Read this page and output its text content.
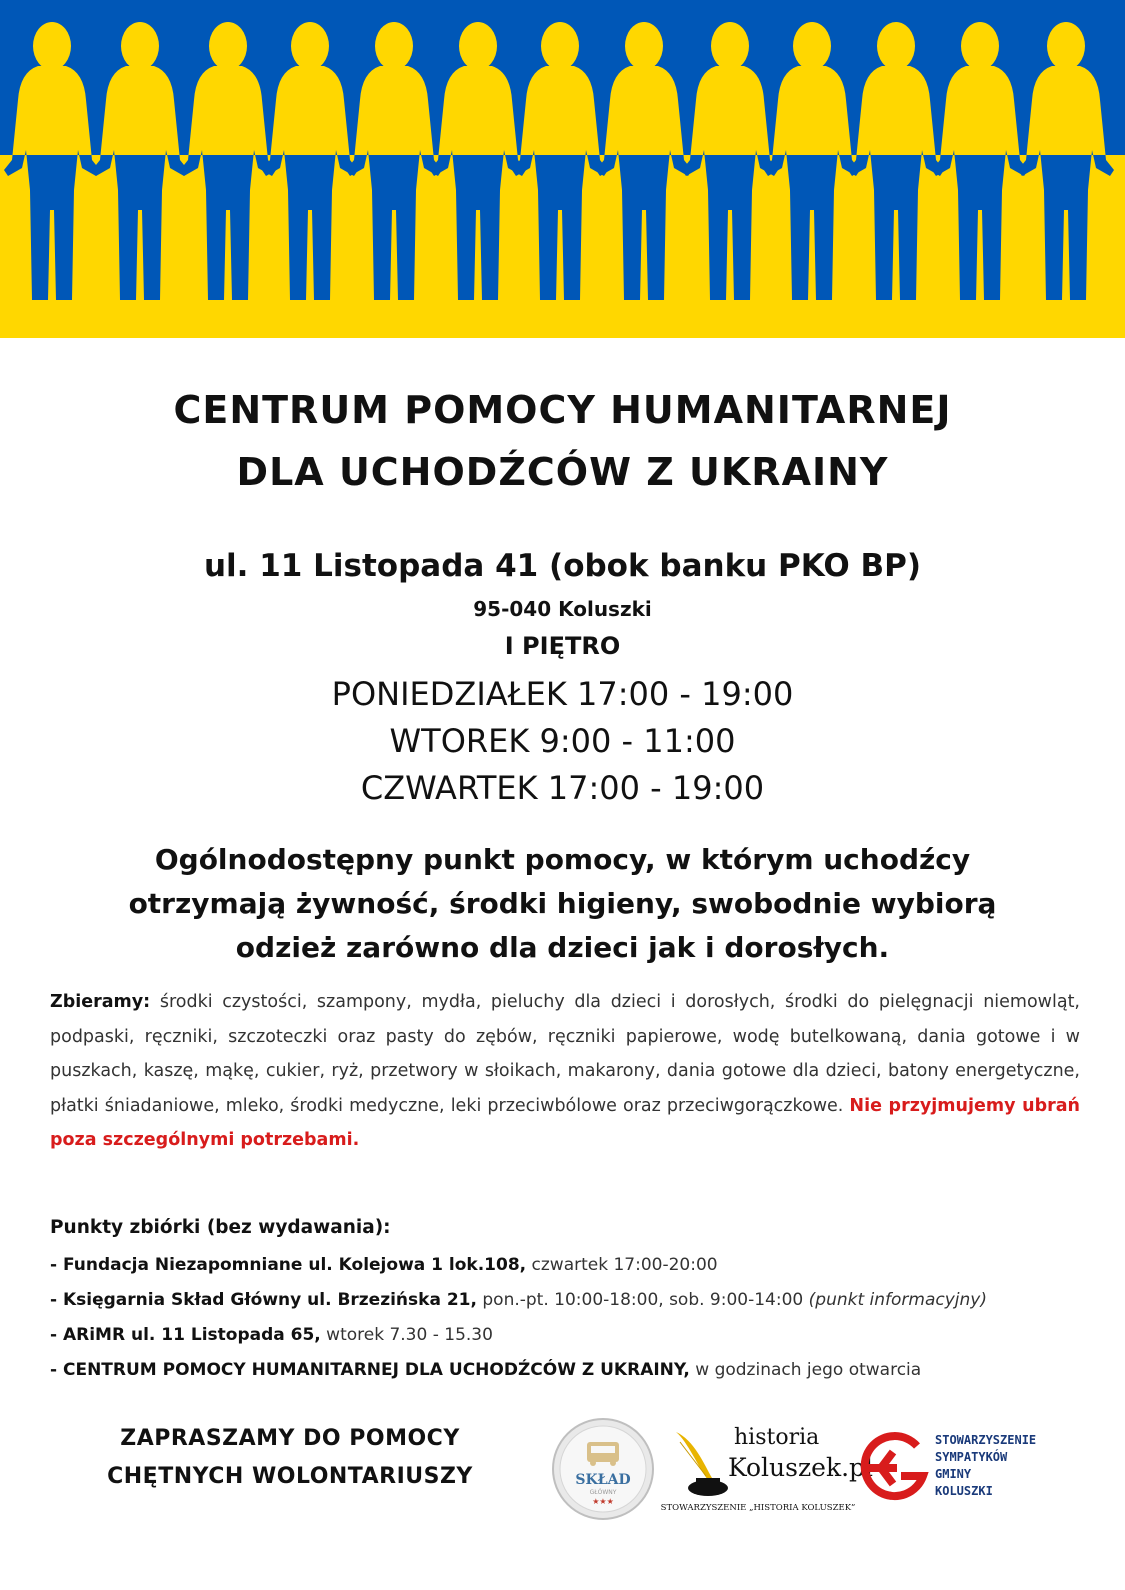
CENTRUM POMOCY HUMANITARNEJ
DLA UCHODŹCÓW Z UKRAINY
ul. 11 Listopada 41 (obok banku PKO BP)
95-040 Koluszki
I PIĘTRO
PONIEDZIAŁEK 17:00 - 19:00
WTOREK 9:00 - 11:00
CZWARTEK 17:00 - 19:00
Ogólnodostępny punkt pomocy, w którym uchodźcy otrzymają żywność, środki higieny, swobodnie wybiorą odzież zarówno dla dzieci jak i dorosłych.
Zbieramy: środki czystości, szampony, mydła, pieluchy dla dzieci i dorosłych, środki do pielęgnacji niemowląt, podpaski, ręczniki, szczoteczki oraz pasty do zębów, ręczniki papierowe, wodę butelkowaną, dania gotowe i w puszkach, kaszę, mąkę, cukier, ryż, przetwory w słoikach, makarony, dania gotowe dla dzieci, batony energetyczne, płatki śniadaniowe, mleko, środki medyczne, leki przeciwbólowe oraz przeciwgorączkowe. Nie przyjmujemy ubrań poza szczególnymi potrzebami.
Punkty zbiórki (bez wydawania):
- Fundacja Niezapomniane ul. Kolejowa 1 lok.108, czwartek 17:00-20:00
- Księgarnia Skład Główny ul. Brzezińska 21, pon.-pt. 10:00-18:00, sob. 9:00-14:00 (punkt informacyjny)
- ARiMR ul. 11 Listopada 65, wtorek 7.30 - 15.30
- CENTRUM POMOCY HUMANITARNEJ DLA UCHODŹCÓW Z UKRAINY, w godzinach jego otwarcia
ZAPRASZAMY DO POMOCY
CHĘTNYCH WOLONTARIUSZY	SKŁAD
GŁÓWNY
★★★
historia
Koluszek.pl
STOWARZYSZENIE „HISTORIA KOLUSZEK”
STOWARZYSZENIE
SYMPATYKÓW
GMINY
KOLUSZKI
